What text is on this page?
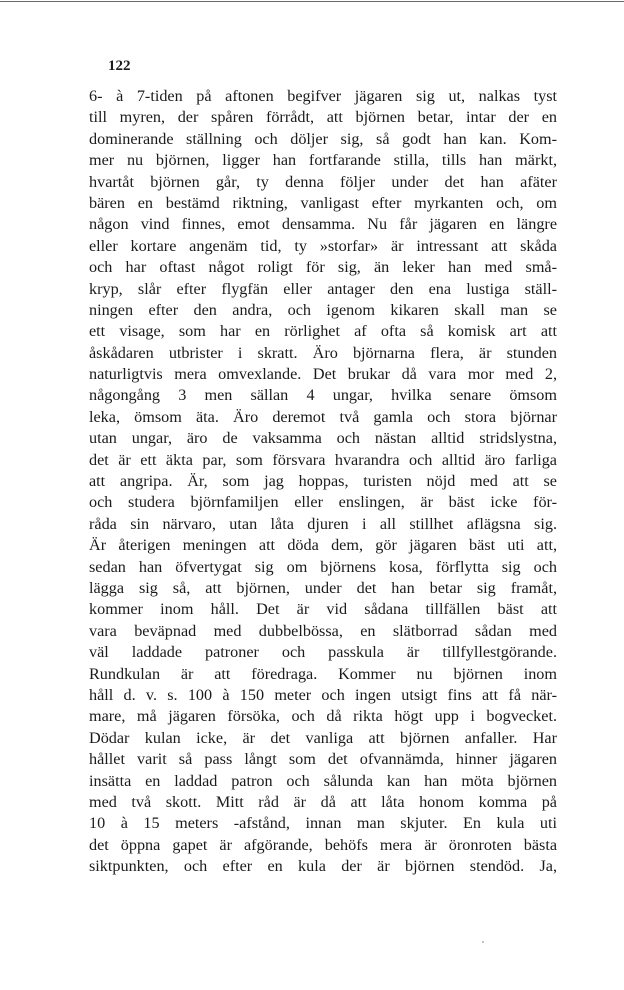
122
6- à 7-tiden på aftonen begifver jägaren sig ut, nalkas tyst
till myren, der spåren förrådt, att björnen betar, intar der en
dominerande ställning och döljer sig, så godt han kan. Kom-
mer nu björnen, ligger han fortfarande stilla, tills han märkt,
hvartåt björnen går, ty denna följer under det han afäter
bären en bestämd riktning, vanligast efter myrkanten och, om
någon vind finnes, emot densamma. Nu får jägaren en längre
eller kortare angenäm tid, ty »storfar» är intressant att skåda
och har oftast något roligt för sig, än leker han med små-
kryp, slår efter flygfän eller antager den ena lustiga ställ-
ningen efter den andra, och igenom kikaren skall man se
ett visage, som har en rörlighet af ofta så komisk art att
åskådaren utbrister i skratt. Äro björnarna flera, är stunden
naturligtvis mera omvexlande. Det brukar då vara mor med 2,
någongång 3 men sällan 4 ungar, hvilka senare ömsom
leka, ömsom äta. Äro deremot två gamla och stora björnar
utan ungar, äro de vaksamma och nästan alltid stridslystna,
det är ett äkta par, som försvara hvarandra och alltid äro farliga
att angripa. Är, som jag hoppas, turisten nöjd med att se
och studera björnfamiljen eller enslingen, är bäst icke för-
råda sin närvaro, utan låta djuren i all stillhet aflägsna sig.
Är återigen meningen att döda dem, gör jägaren bäst uti att,
sedan han öfvertygat sig om björnens kosa, förflytta sig och
lägga sig så, att björnen, under det han betar sig framåt,
kommer inom håll. Det är vid sådana tillfällen bäst att
vara beväpnad med dubbelbössa, en slätborrad sådan med
väl laddade patroner och passkula är tillfyllestgörande.
Rundkulan är att föredraga. Kommer nu björnen inom
håll d. v. s. 100 à 150 meter och ingen utsigt fins att få när-
mare, må jägaren försöka, och då rikta högt upp i bogvecket.
Dödar kulan icke, är det vanliga att björnen anfaller. Har
hållet varit så pass långt som det ofvannämda, hinner jägaren
insätta en laddad patron och sålunda kan han möta björnen
med två skott. Mitt råd är då att låta honom komma på
10 à 15 meters -afstånd, innan man skjuter. En kula uti
det öppna gapet är afgörande, behöfs mera är öronroten bästa
siktpunkten, och efter en kula der är björnen stendöd. Ja,
